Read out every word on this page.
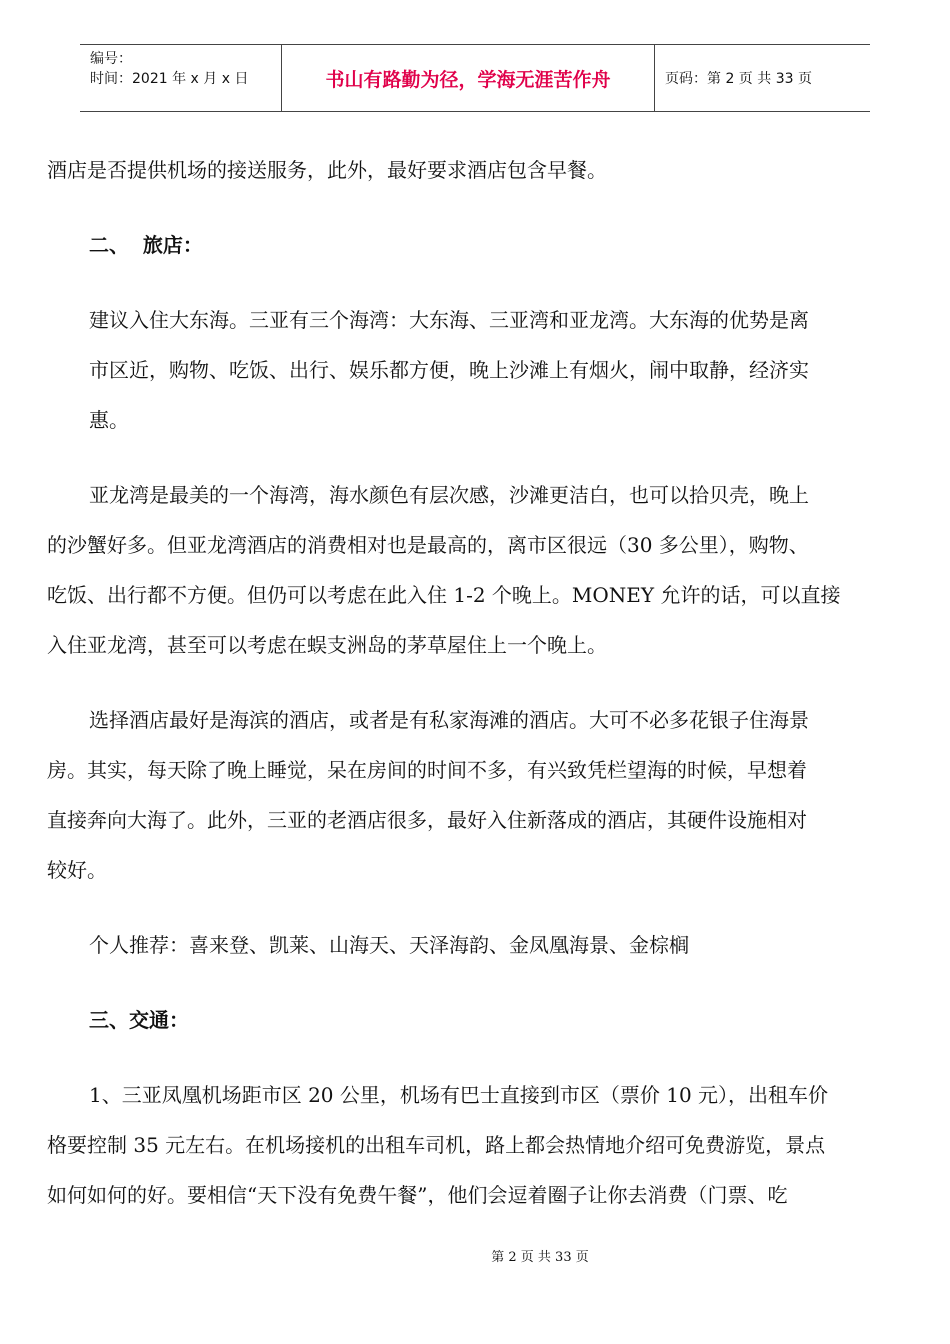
编号：
时间：2021 年 x 月 x 日	书山有路勤为径，学海无涯苦作舟	页码：第 2 页 共 33 页

酒店是否提供机场的接送服务，此外，最好要求酒店包含早餐。

二、  旅店：

建议入住大东海。三亚有三个海湾：大东海、三亚湾和亚龙湾。大东海的优势是离

市区近，购物、吃饭、出行、娱乐都方便，晚上沙滩上有烟火，闹中取静，经济实

惠。

亚龙湾是最美的一个海湾，海水颜色有层次感，沙滩更洁白，也可以拾贝壳，晚上

的沙蟹好多。但亚龙湾酒店的消费相对也是最高的，离市区很远（30 多公里），购物、

吃饭、出行都不方便。但仍可以考虑在此入住 1-2 个晚上。MONEY 允许的话，可以直接

入住亚龙湾，甚至可以考虑在蜈支洲岛的茅草屋住上一个晚上。

选择酒店最好是海滨的酒店，或者是有私家海滩的酒店。大可不必多花银子住海景

房。其实，每天除了晚上睡觉，呆在房间的时间不多，有兴致凭栏望海的时候，早想着

直接奔向大海了。此外，三亚的老酒店很多，最好入住新落成的酒店，其硬件设施相对

较好。

个人推荐：喜来登、凯莱、山海天、天泽海韵、金凤凰海景、金棕榈

三、交通：

1、三亚凤凰机场距市区 20 公里，机场有巴士直接到市区（票价 10 元），出租车价

格要控制 35 元左右。在机场接机的出租车司机，路上都会热情地介绍可免费游览，景点

如何如何的好。要相信“天下没有免费午餐”，他们会逗着圈子让你去消费（门票、吃

第 2 页 共 33 页
